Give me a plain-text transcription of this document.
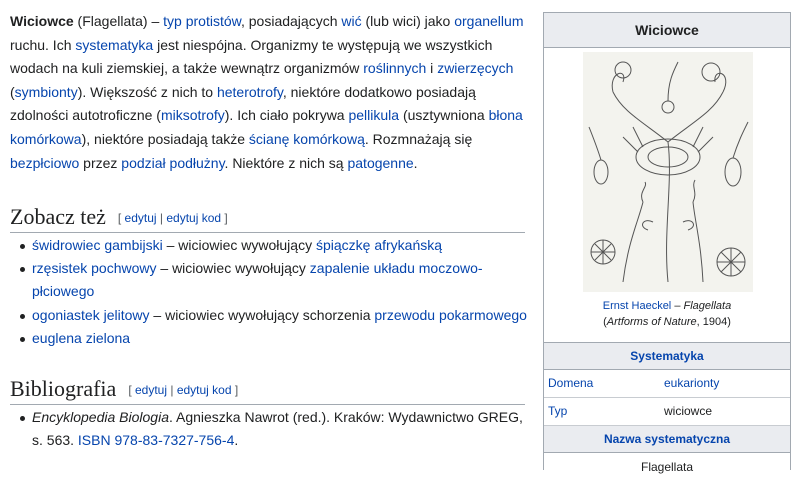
Wiciowce (Flagellata) – typ protistów, posiadających wić (lub wici) jako organellum ruchu. Ich systematyka jest niespójna. Organizmy te występują we wszystkich wodach na kuli ziemskiej, a także wewnątrz organizmów roślinnych i zwierzęcych (symbionty). Większość z nich to heterotrofy, niektóre dodatkowo posiadają zdolności autotroficzne (miksotrofy). Ich ciało pokrywa pellikula (usztywniona błona komórkowa), niektóre posiadają także ścianę komórkową. Rozmnażają się bezpłciowo przez podział podłużny. Niektóre z nich są patogenne.

Zobacz też [ edytuj | edytuj kod ]
świdrowiec gambijski – wiciowiec wywołujący śpiączkę afrykańską
rzęsistek pochwowy – wiciowiec wywołujący zapalenie układu moczowo-płciowego
ogoniastek jelitowy – wiciowiec wywołujący schorzenia przewodu pokarmowego
euglena zielona
Bibliografia [ edytuj | edytuj kod ]
Encyklopedia Biologia. Agnieszka Nawrot (red.). Kraków: Wydawnictwo GREG, s. 563. ISBN 978-83-7327-756-4.
Wiciowce
Ernst Haeckel – Flagellata
(Artforms of Nature, 1904)
Systematyka
Domena	eukarionty
Typ	wiciowce
Nazwa systematyczna
Flagellata
